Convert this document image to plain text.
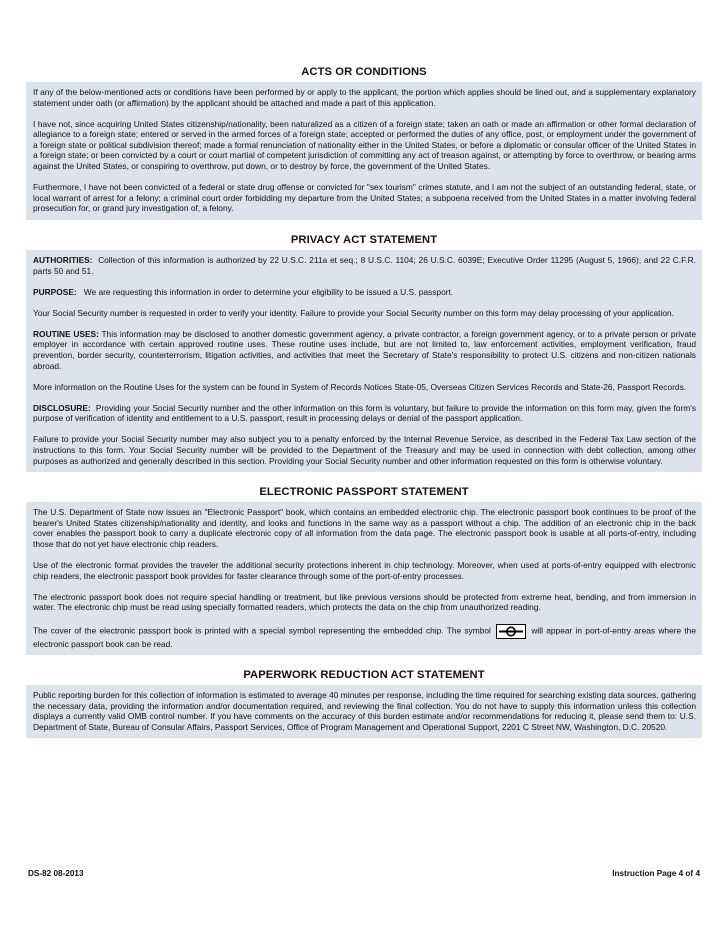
ACTS OR CONDITIONS

If any of the below-mentioned acts or conditions have been performed by or apply to the applicant, the portion which applies should be lined out, and a supplementary explanatory statement under oath (or affirmation) by the applicant should be attached and made a part of this application.

I have not, since acquiring United States citizenship/nationality, been naturalized as a citizen of a foreign state; taken an oath or made an affirmation or other formal declaration of allegiance to a foreign state; entered or served in the armed forces of a foreign state; accepted or performed the duties of any office, post, or employment under the government of a foreign state or political subdivision thereof; made a formal renunciation of nationality either in the United States, or before a diplomatic or consular officer of the United States in a foreign state; or been convicted by a court or court martial of competent jurisdiction of committing any act of treason against, or attempting by force to overthrow, or bearing arms against the United States, or conspiring to overthrow, put down, or to destroy by force, the government of the United States.

Furthermore, I have not been convicted of a federal or state drug offense or convicted for "sex tourism" crimes statute, and I am not the subject of an outstanding federal, state, or local warrant of arrest for a felony; a criminal court order forbidding my departure from the United States; a subpoena received from the United States in a matter involving federal prosecution for, or grand jury investigation of, a felony.

PRIVACY ACT STATEMENT

AUTHORITIES: Collection of this information is authorized by 22 U.S.C. 211a et seq.; 8 U.S.C. 1104; 26 U.S.C. 6039E; Executive Order 11295 (August 5, 1966); and 22 C.F.R. parts 50 and 51.

PURPOSE: We are requesting this information in order to determine your eligibility to be issued a U.S. passport.

Your Social Security number is requested in order to verify your identity. Failure to provide your Social Security number on this form may delay processing of your application.

ROUTINE USES: This information may be disclosed to another domestic government agency, a private contractor, a foreign government agency, or to a private person or private employer in accordance with certain approved routine uses. These routine uses include, but are not limited to, law enforcement activities, employment verification, fraud prevention, border security, counterterrorism, litigation activities, and activities that meet the Secretary of State's responsibility to protect U.S. citizens and non-citizen nationals abroad.

More information on the Routine Uses for the system can be found in System of Records Notices State-05, Overseas Citizen Services Records and State-26, Passport Records.

DISCLOSURE: Providing your Social Security number and the other information on this form is voluntary, but failure to provide the information on this form may, given the form's purpose of verification of identity and entitlement to a U.S. passport, result in processing delays or denial of the passport application.

Failure to provide your Social Security number may also subject you to a penalty enforced by the Internal Revenue Service, as described in the Federal Tax Law section of the instructions to this form. Your Social Security number will be provided to the Department of the Treasury and may be used in connection with debt collection, among other purposes as authorized and generally described in this section. Providing your Social Security number and other information requested on this form is otherwise voluntary.

ELECTRONIC PASSPORT STATEMENT

The U.S. Department of State now issues an "Electronic Passport" book, which contains an embedded electronic chip. The electronic passport book continues to be proof of the bearer's United States citizenship/nationality and identity, and looks and functions in the same way as a passport without a chip. The addition of an electronic chip in the back cover enables the passport book to carry a duplicate electronic copy of all information from the data page. The electronic passport book is usable at all ports-of-entry, including those that do not yet have electronic chip readers.

Use of the electronic format provides the traveler the additional security protections inherent in chip technology. Moreover, when used at ports-of-entry equipped with electronic chip readers, the electronic passport book provides for faster clearance through some of the port-of-entry processes.

The electronic passport book does not require special handling or treatment, but like previous versions should be protected from extreme heat, bending, and from immersion in water. The electronic chip must be read using specially formatted readers, which protects the data on the chip from unauthorized reading.

The cover of the electronic passport book is printed with a special symbol representing the embedded chip. The symbol	will appear in port-of-entry areas where the electronic passport book can be read.

PAPERWORK REDUCTION ACT STATEMENT

Public reporting burden for this collection of information is estimated to average 40 minutes per response, including the time required for searching existing data sources, gathering the necessary data, providing the information and/or documentation required, and reviewing the final collection. You do not have to supply this information unless this collection displays a currently valid OMB control number. If you have comments on the accuracy of this burden estimate and/or recommendations for reducing it, please send them to: U.S. Department of State, Bureau of Consular Affairs, Passport Services, Office of Program Management and Operational Support, 2201 C Street NW, Washington, D.C. 20520.

DS-82 08-2013	Instruction Page 4 of 4
